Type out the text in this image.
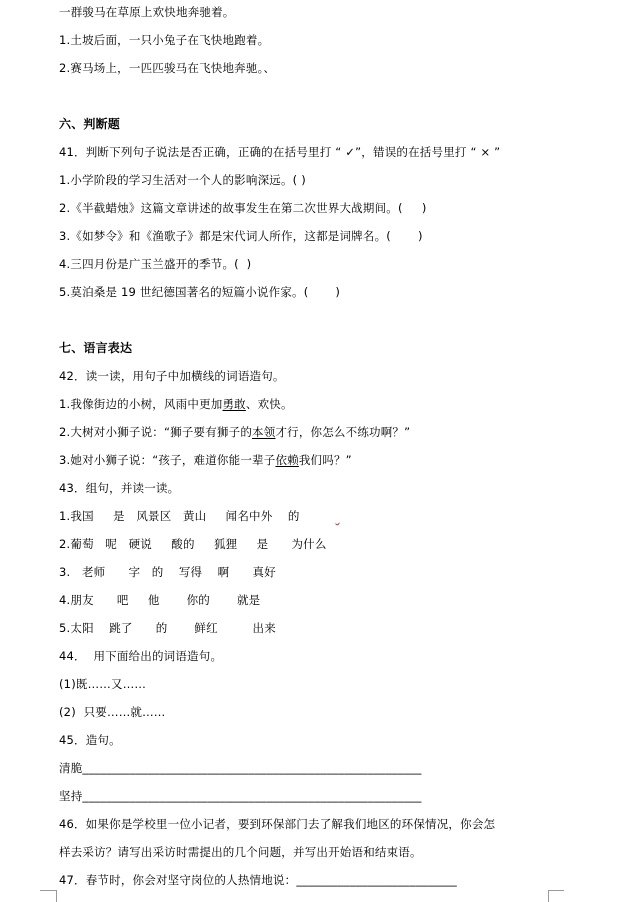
一群骏马在草原上欢快地奔驰着。
1.土坡后面，一只小兔子在飞快地跑着。
2.赛马场上，一匹匹骏马在飞快地奔驰。、
六、判断题
41．判断下列句子说法是否正确，正确的在括号里打 “ ✓”，错误的在括号里打 “ × ”
1.小学阶段的学习生活对一个人的影响深远。( )
2.《半截蜡烛》这篇文章讲述的故事发生在第二次世界大战期间。(     )
3.《如梦令》和《渔歌子》都是宋代词人所作，这都是词牌名。(       )
4.三四月份是广玉兰盛开的季节。(  )
5.莫泊桑是 19 世纪德国著名的短篇小说作家。(       )
七、语言表达
42．读一读，用句子中加横线的词语造句。
1.我像街边的小树，风雨中更加勇敢、欢快。
2.大树对小狮子说：“狮子要有狮子的本领才行，你怎么不练功啊？”
3.她对小狮子说：“孩子，难道你能一辈子依赖我们吗？”
43．组句，并读一读。
1.我国     是   风景区   黄山     闻名中外    的
2.葡萄   呢   硬说     酸的     狐狸     是      为什么
3.   老师      字   的    写得    啊      真好
4.朋友      吧     他       你的       就是
5.太阳    跳了      的       鲜红         出来
44．  用下面给出的词语造句。
(1)既……又……
(2)  只要……就……
45．造句。
清脆_________________________________________________________
坚持_________________________________________________________
46．如果你是学校里一位小记者，要到环保部门去了解我们地区的环保情况，你会怎
样去采访？请写出采访时需提出的几个问题，并写出开始语和结束语。
47．春节时，你会对坚守岗位的人热情地说：___________________________
